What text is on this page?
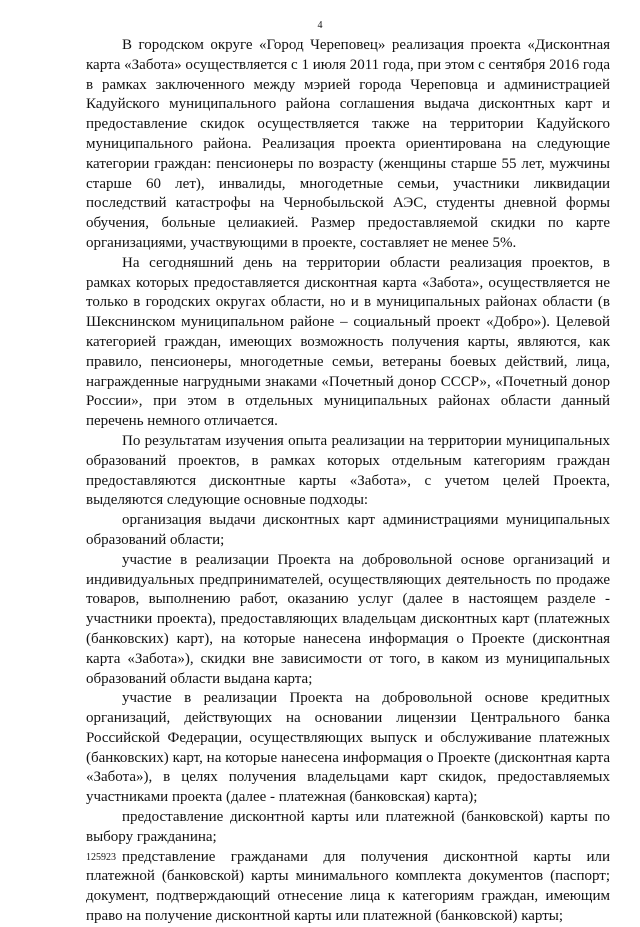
4

В городском округе «Город Череповец» реализация проекта «Дисконтная карта «Забота» осуществляется с 1 июля 2011 года, при этом с сентября 2016 года в рамках заключенного между мэрией города Череповца и администрацией Кадуйского муниципального района соглашения выдача дисконтных карт и предоставление скидок осуществляется также на территории Кадуйского муниципального района. Реализация проекта ориентирована на следующие категории граждан: пенсионеры по возрасту (женщины старше 55 лет, мужчины старше 60 лет), инвалиды, многодетные семьи, участники ликвидации последствий катастрофы на Чернобыльской АЭС, студенты дневной формы обучения, больные целиакией. Размер предоставляемой скидки по карте организациями, участвующими в проекте, составляет не менее 5%.

На сегодняшний день на территории области реализация проектов, в рамках которых предоставляется дисконтная карта «Забота», осуществляется не только в городских округах области, но и в муниципальных районах области (в Шекснинском муниципальном районе – социальный проект «Добро»). Целевой категорией граждан, имеющих возможность получения карты, являются, как правило, пенсионеры, многодетные семьи, ветераны боевых действий, лица, награжденные нагрудными знаками «Почетный донор СССР», «Почетный донор России», при этом в отдельных муниципальных районах области данный перечень немного отличается.

По результатам изучения опыта реализации на территории муниципальных образований проектов, в рамках которых отдельным категориям граждан предоставляются дисконтные карты «Забота», с учетом целей Проекта, выделяются следующие основные подходы:

организация выдачи дисконтных карт администрациями муниципальных образований области;

участие в реализации Проекта на добровольной основе организаций и индивидуальных предпринимателей, осуществляющих деятельность по продаже товаров, выполнению работ, оказанию услуг (далее в настоящем разделе - участники проекта), предоставляющих владельцам дисконтных карт (платежных (банковских) карт), на которые нанесена информация о Проекте (дисконтная карта «Забота»), скидки вне зависимости от того, в каком из муниципальных образований области выдана карта;

участие в реализации Проекта на добровольной основе кредитных организаций, действующих на основании лицензии Центрального банка Российской Федерации, осуществляющих выпуск и обслуживание платежных (банковских) карт, на которые нанесена информация о Проекте (дисконтная карта «Забота»), в целях получения владельцами карт скидок, предоставляемых участниками проекта (далее - платежная (банковская) карта);

предоставление дисконтной карты или платежной (банковской) карты по выбору гражданина;

представление гражданами для получения дисконтной карты или платежной (банковской) карты минимального комплекта документов (паспорт; документ, подтверждающий отнесение лица к категориям граждан, имеющим право на получение дисконтной карты или платежной (банковской) карты;

125923
